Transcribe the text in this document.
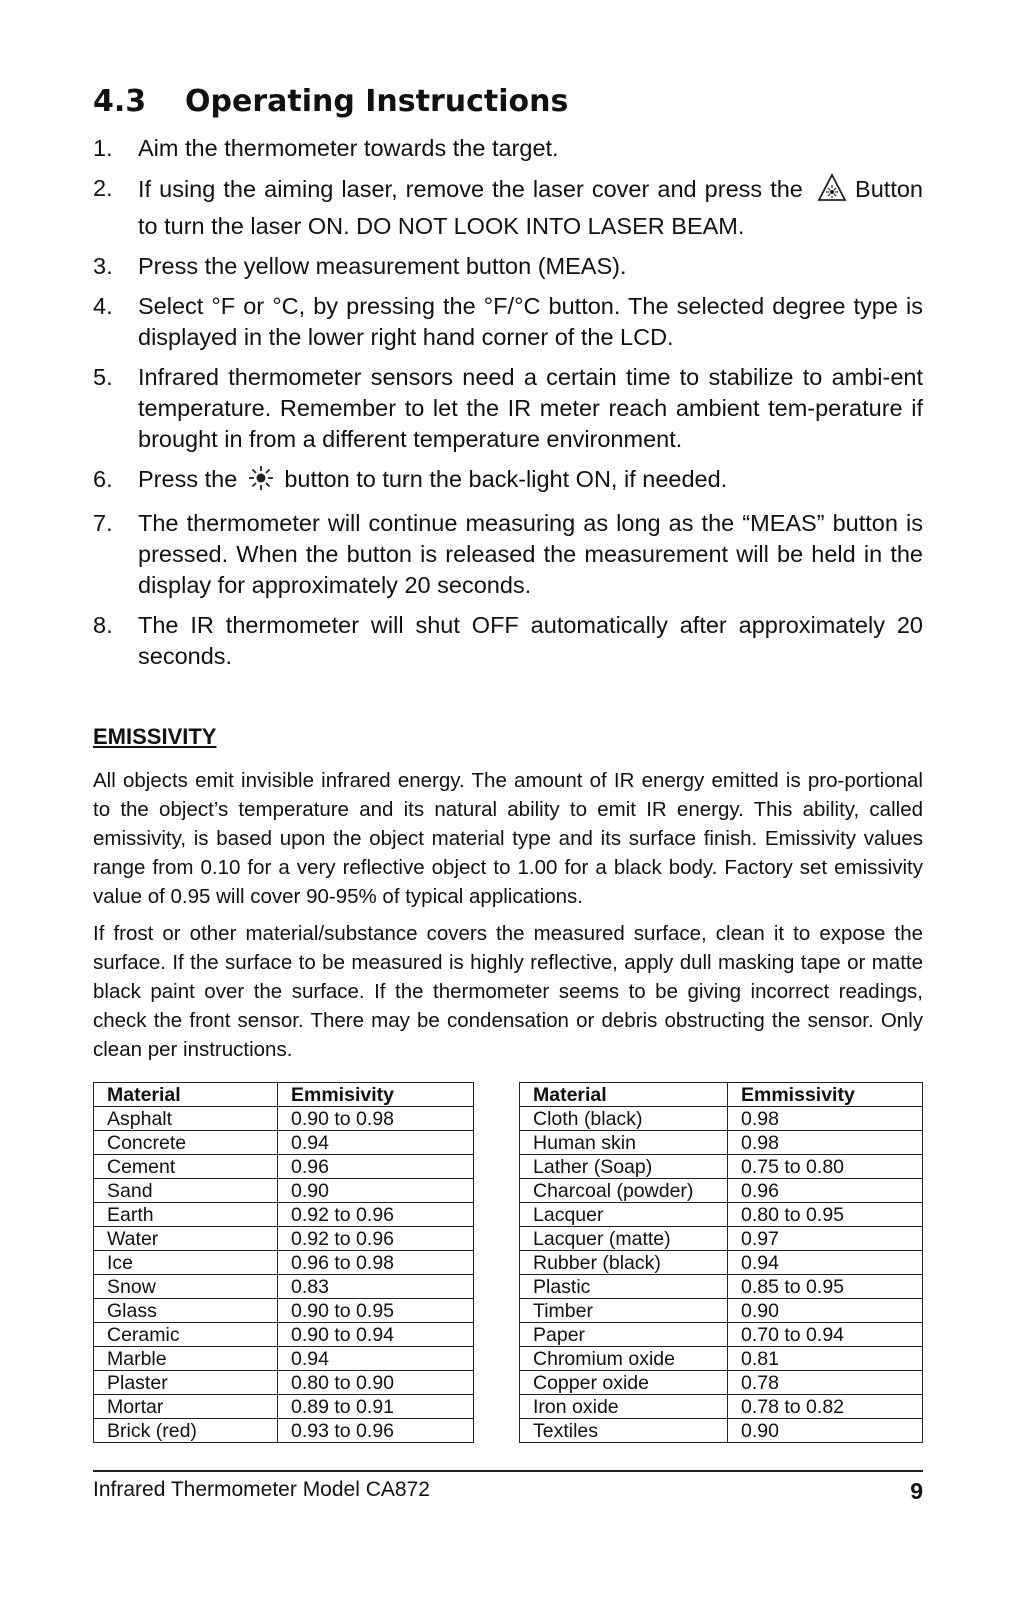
4.3	Operating Instructions
1.	Aim the thermometer towards the target.
2.	If using the aiming laser, remove the laser cover and press the Button to turn the laser ON. DO NOT LOOK INTO LASER BEAM.
3.	Press the yellow measurement button (MEAS).
4.	Select °F or °C, by pressing the °F/°C button. The selected degree type is displayed in the lower right hand corner of the LCD.
5.	Infrared thermometer sensors need a certain time to stabilize to ambi-ent temperature. Remember to let the IR meter reach ambient tem-perature if brought in from a different temperature environment.
6.	Press the button to turn the back-light ON, if needed.
7.	The thermometer will continue measuring as long as the “MEAS” button is pressed. When the button is released the measurement will be held in the display for approximately 20 seconds.
8.	The IR thermometer will shut OFF automatically after approximately 20 seconds.
EMISSIVITY

All objects emit invisible infrared energy. The amount of IR energy emitted is pro-portional to the object’s temperature and its natural ability to emit IR energy. This ability, called emissivity, is based upon the object material type and its surface finish. Emissivity values range from 0.10 for a very reflective object to 1.00 for a black body. Factory set emissivity value of 0.95 will cover 90-95% of typical applications.

If frost or other material/substance covers the measured surface, clean it to expose the surface. If the surface to be measured is highly reflective, apply dull masking tape or matte black paint over the surface. If the thermometer seems to be giving incorrect readings, check the front sensor. There may be condensation or debris obstructing the sensor. Only clean per instructions.

Material	Emmisivity
Asphalt	0.90 to 0.98
Concrete	0.94
Cement	0.96
Sand	0.90
Earth	0.92 to 0.96
Water	0.92 to 0.96
Ice	0.96 to 0.98
Snow	0.83
Glass	0.90 to 0.95
Ceramic	0.90 to 0.94
Marble	0.94
Plaster	0.80 to 0.90
Mortar	0.89 to 0.91
Brick (red)	0.93 to 0.96
Material	Emmissivity
Cloth (black)	0.98
Human skin	0.98
Lather (Soap)	0.75 to 0.80
Charcoal (powder)	0.96
Lacquer	0.80 to 0.95
Lacquer (matte)	0.97
Rubber (black)	0.94
Plastic	0.85 to 0.95
Timber	0.90
Paper	0.70 to 0.94
Chromium oxide	0.81
Copper oxide	0.78
Iron oxide	0.78 to 0.82
Textiles	0.90
Infrared Thermometer Model CA872	9
